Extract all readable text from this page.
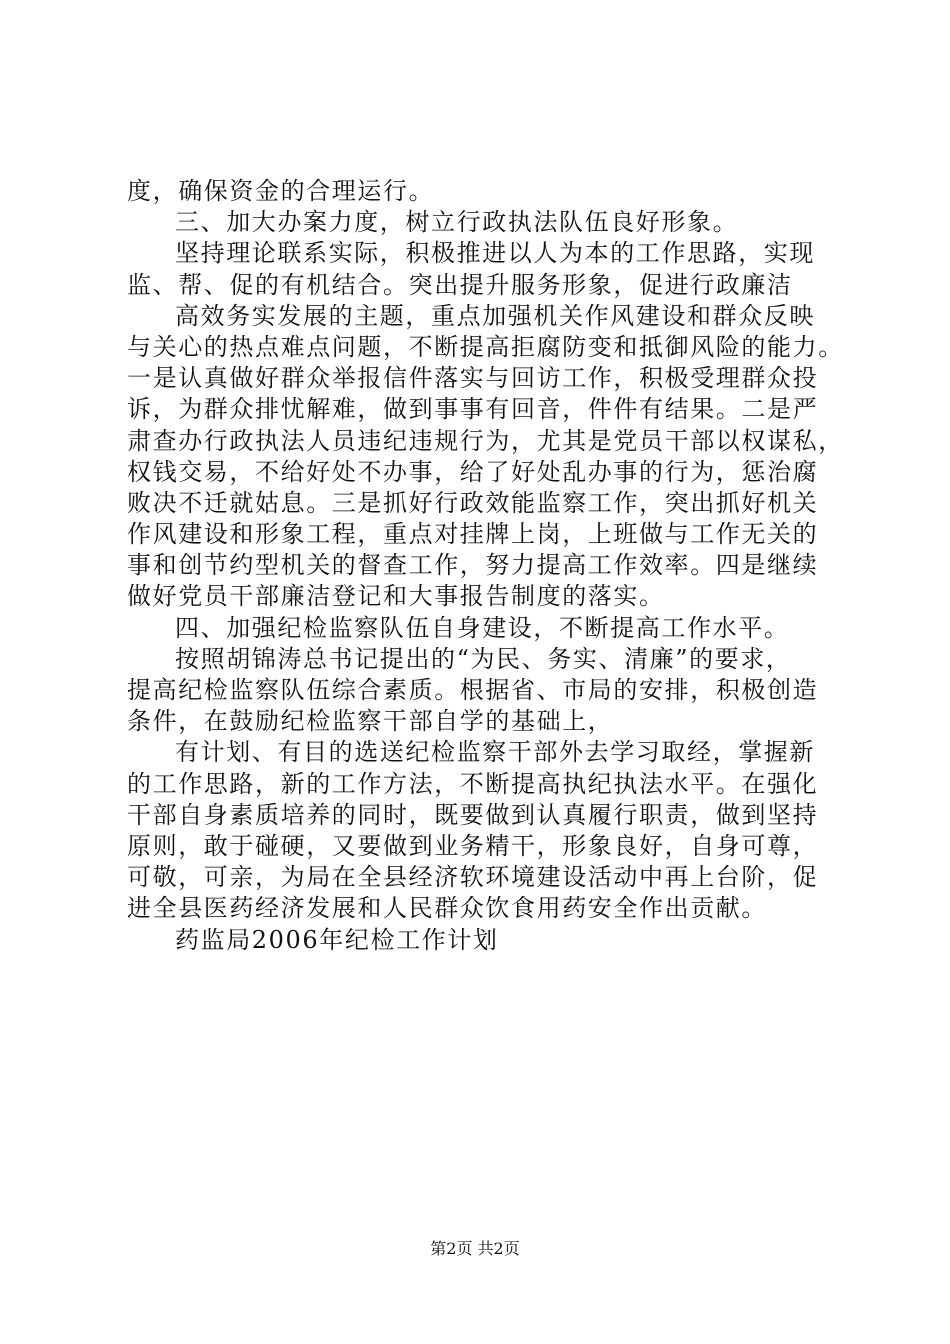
度，确保资金的合理运行。
三、加大办案力度，树立行政执法队伍良好形象。
坚持理论联系实际，积极推进以人为本的工作思路，实现
监、帮、促的有机结合。突出提升服务形象，促进行政廉洁
高效务实发展的主题，重点加强机关作风建设和群众反映
与关心的热点难点问题，不断提高拒腐防变和抵御风险的能力。
一是认真做好群众举报信件落实与回访工作，积极受理群众投
诉，为群众排忧解难，做到事事有回音，件件有结果。二是严
肃查办行政执法人员违纪违规行为，尤其是党员干部以权谋私，
权钱交易，不给好处不办事，给了好处乱办事的行为，惩治腐
败决不迁就姑息。三是抓好行政效能监察工作，突出抓好机关
作风建设和形象工程，重点对挂牌上岗，上班做与工作无关的
事和创节约型机关的督查工作，努力提高工作效率。四是继续
做好党员干部廉洁登记和大事报告制度的落实。
四、加强纪检监察队伍自身建设，不断提高工作水平。
按照胡锦涛总书记提出的“为民、务实、清廉”的要求，
提高纪检监察队伍综合素质。根据省、市局的安排，积极创造
条件，在鼓励纪检监察干部自学的基础上，
有计划、有目的选送纪检监察干部外去学习取经，掌握新
的工作思路，新的工作方法，不断提高执纪执法水平。在强化
干部自身素质培养的同时，既要做到认真履行职责，做到坚持
原则，敢于碰硬，又要做到业务精干，形象良好，自身可尊，
可敬，可亲，为局在全县经济软环境建设活动中再上台阶，促
进全县医药经济发展和人民群众饮食用药安全作出贡献。
药监局2006年纪检工作计划
第2页 共2页
